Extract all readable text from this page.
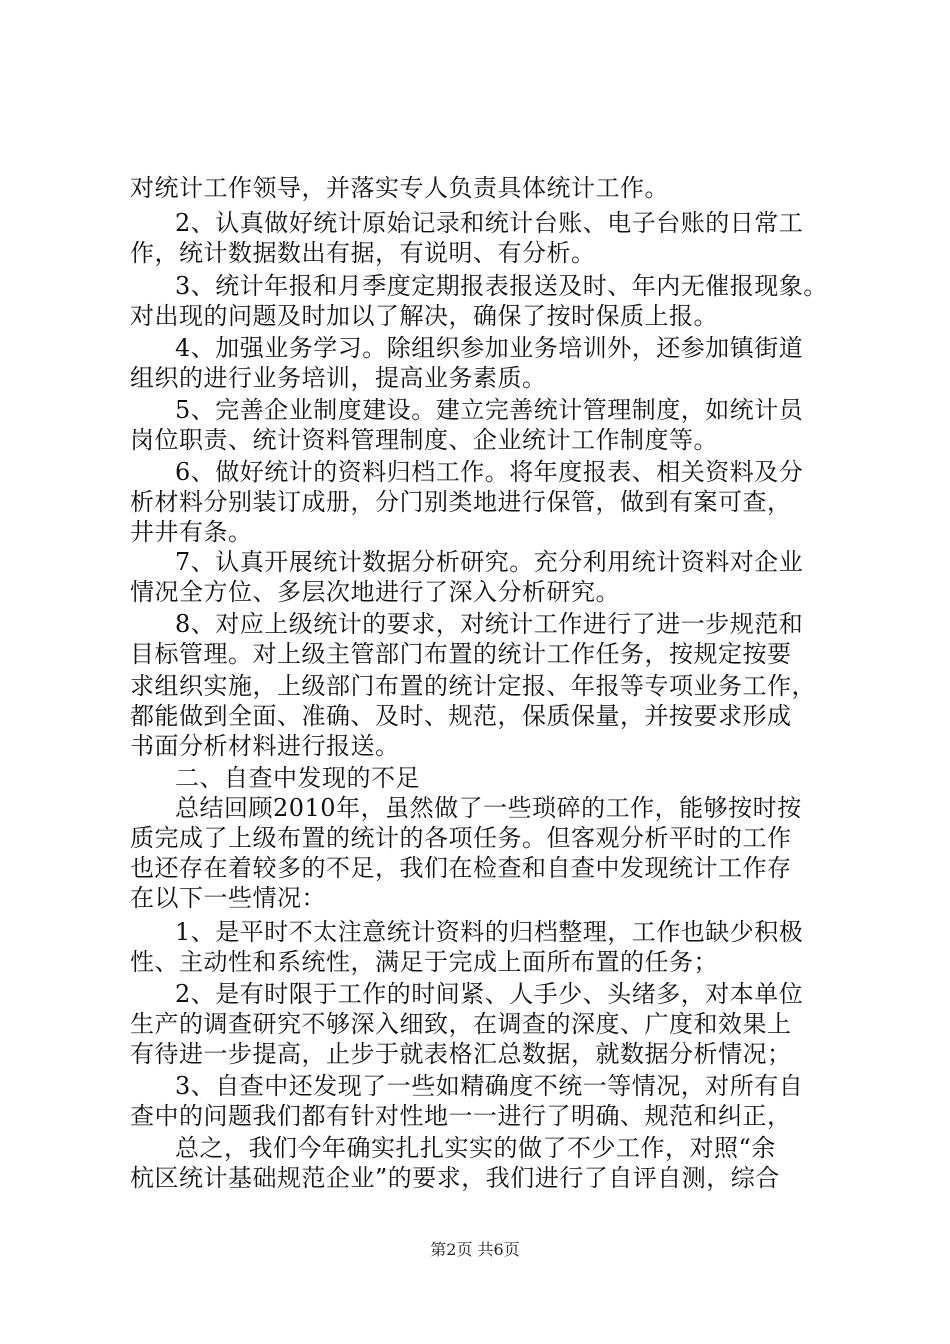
对统计工作领导，并落实专人负责具体统计工作。
2、认真做好统计原始记录和统计台账、电子台账的日常工
作，统计数据数出有据，有说明、有分析。
3、统计年报和月季度定期报表报送及时、年内无催报现象。
对出现的问题及时加以了解决，确保了按时保质上报。
4、加强业务学习。除组织参加业务培训外，还参加镇街道
组织的进行业务培训，提高业务素质。
5、完善企业制度建设。建立完善统计管理制度，如统计员
岗位职责、统计资料管理制度、企业统计工作制度等。
6、做好统计的资料归档工作。将年度报表、相关资料及分
析材料分别装订成册，分门别类地进行保管，做到有案可查，
井井有条。
7、认真开展统计数据分析研究。充分利用统计资料对企业
情况全方位、多层次地进行了深入分析研究。
8、对应上级统计的要求，对统计工作进行了进一步规范和
目标管理。对上级主管部门布置的统计工作任务，按规定按要
求组织实施，上级部门布置的统计定报、年报等专项业务工作，
都能做到全面、准确、及时、规范，保质保量，并按要求形成
书面分析材料进行报送。
二、自查中发现的不足
总结回顾2010年，虽然做了一些琐碎的工作，能够按时按
质完成了上级布置的统计的各项任务。但客观分析平时的工作
也还存在着较多的不足，我们在检查和自查中发现统计工作存
在以下一些情况：
1、是平时不太注意统计资料的归档整理，工作也缺少积极
性、主动性和系统性，满足于完成上面所布置的任务；
2、是有时限于工作的时间紧、人手少、头绪多，对本单位
生产的调查研究不够深入细致，在调查的深度、广度和效果上
有待进一步提高，止步于就表格汇总数据，就数据分析情况；
3、自查中还发现了一些如精确度不统一等情况，对所有自
查中的问题我们都有针对性地一一进行了明确、规范和纠正，
总之，我们今年确实扎扎实实的做了不少工作，对照“余
杭区统计基础规范企业”的要求，我们进行了自评自测，综合
第2页 共6页
